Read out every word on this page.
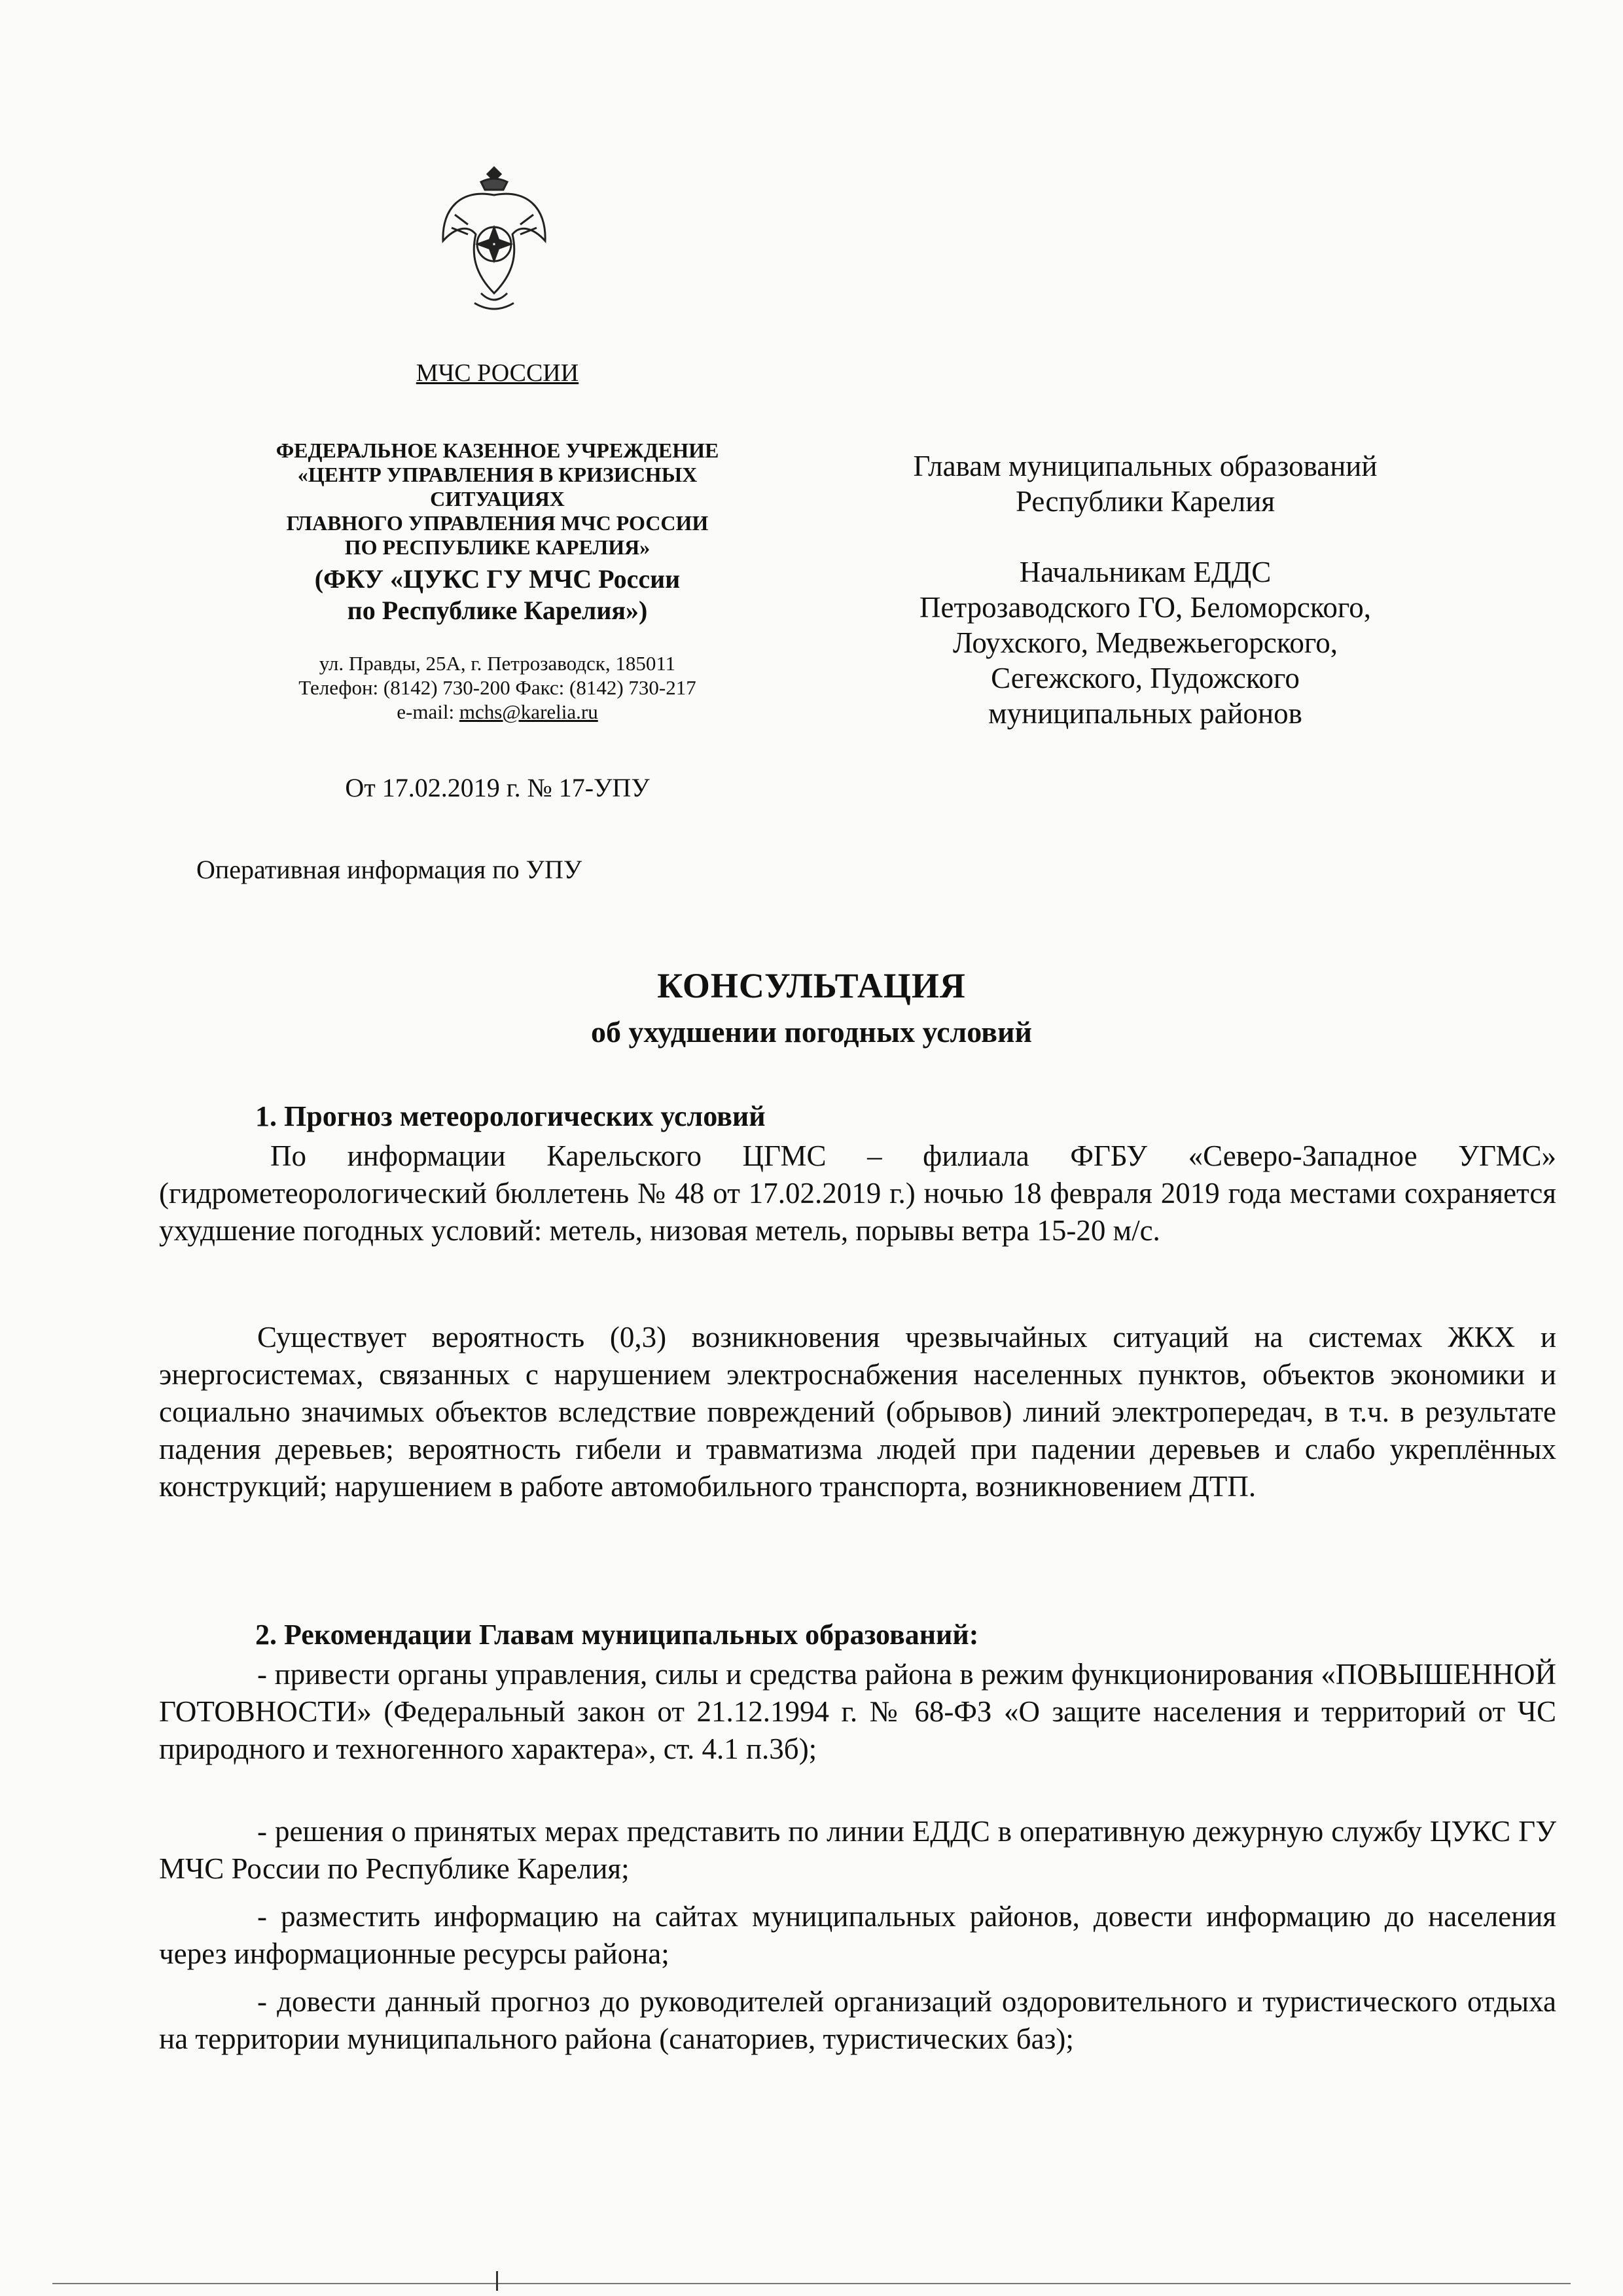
МЧС РОССИИ
ФЕДЕРАЛЬНОЕ КАЗЕННОЕ УЧРЕЖДЕНИЕ
«ЦЕНТР УПРАВЛЕНИЯ В КРИЗИСНЫХ
СИТУАЦИЯХ
ГЛАВНОГО УПРАВЛЕНИЯ МЧС РОССИИ
ПО РЕСПУБЛИКЕ КАРЕЛИЯ»
(ФКУ «ЦУКС ГУ МЧС России
по Республике Карелия»)
ул. Правды, 25А, г. Петрозаводск, 185011
Телефон: (8142) 730-200 Факс: (8142) 730-217
e-mail: mchs@karelia.ru
От 17.02.2019 г. № 17-УПУ
Оперативная информация по УПУ
Главам муниципальных образований
Республики Карелия
Начальникам ЕДДС
Петрозаводского ГО, Беломорского,
Лоухского, Медвежьегорского,
Сегежского, Пудожского
муниципальных районов
КОНСУЛЬТАЦИЯ
об ухудшении погодных условий
1. Прогноз метеорологических условий
По информации Карельского ЦГМС – филиала ФГБУ «Северо-Западное УГМС» (гидрометеорологический бюллетень № 48 от 17.02.2019 г.) ночью 18 февраля 2019 года местами сохраняется ухудшение погодных условий: метель, низовая метель, порывы ветра 15-20 м/с.
Существует вероятность (0,3) возникновения чрезвычайных ситуаций на системах ЖКХ и энергосистемах, связанных с нарушением электроснабжения населенных пунктов, объектов экономики и социально значимых объектов вследствие повреждений (обрывов) линий электропередач, в т.ч. в результате падения деревьев; вероятность гибели и травматизма людей при падении деревьев и слабо укреплённых конструкций; нарушением в работе автомобильного транспорта, возникновением ДТП.
2. Рекомендации Главам муниципальных образований:
- привести органы управления, силы и средства района в режим функционирования «ПОВЫШЕННОЙ ГОТОВНОСТИ» (Федеральный закон от 21.12.1994 г. № 68-ФЗ «О защите населения и территорий от ЧС природного и техногенного характера», ст. 4.1 п.3б);
- решения о принятых мерах представить по линии ЕДДС в оперативную дежурную службу ЦУКС ГУ МЧС России по Республике Карелия;
- разместить информацию на сайтах муниципальных районов, довести информацию до населения через информационные ресурсы района;
- довести данный прогноз до руководителей организаций оздоровительного и туристического отдыха на территории муниципального района (санаториев, туристических баз);
